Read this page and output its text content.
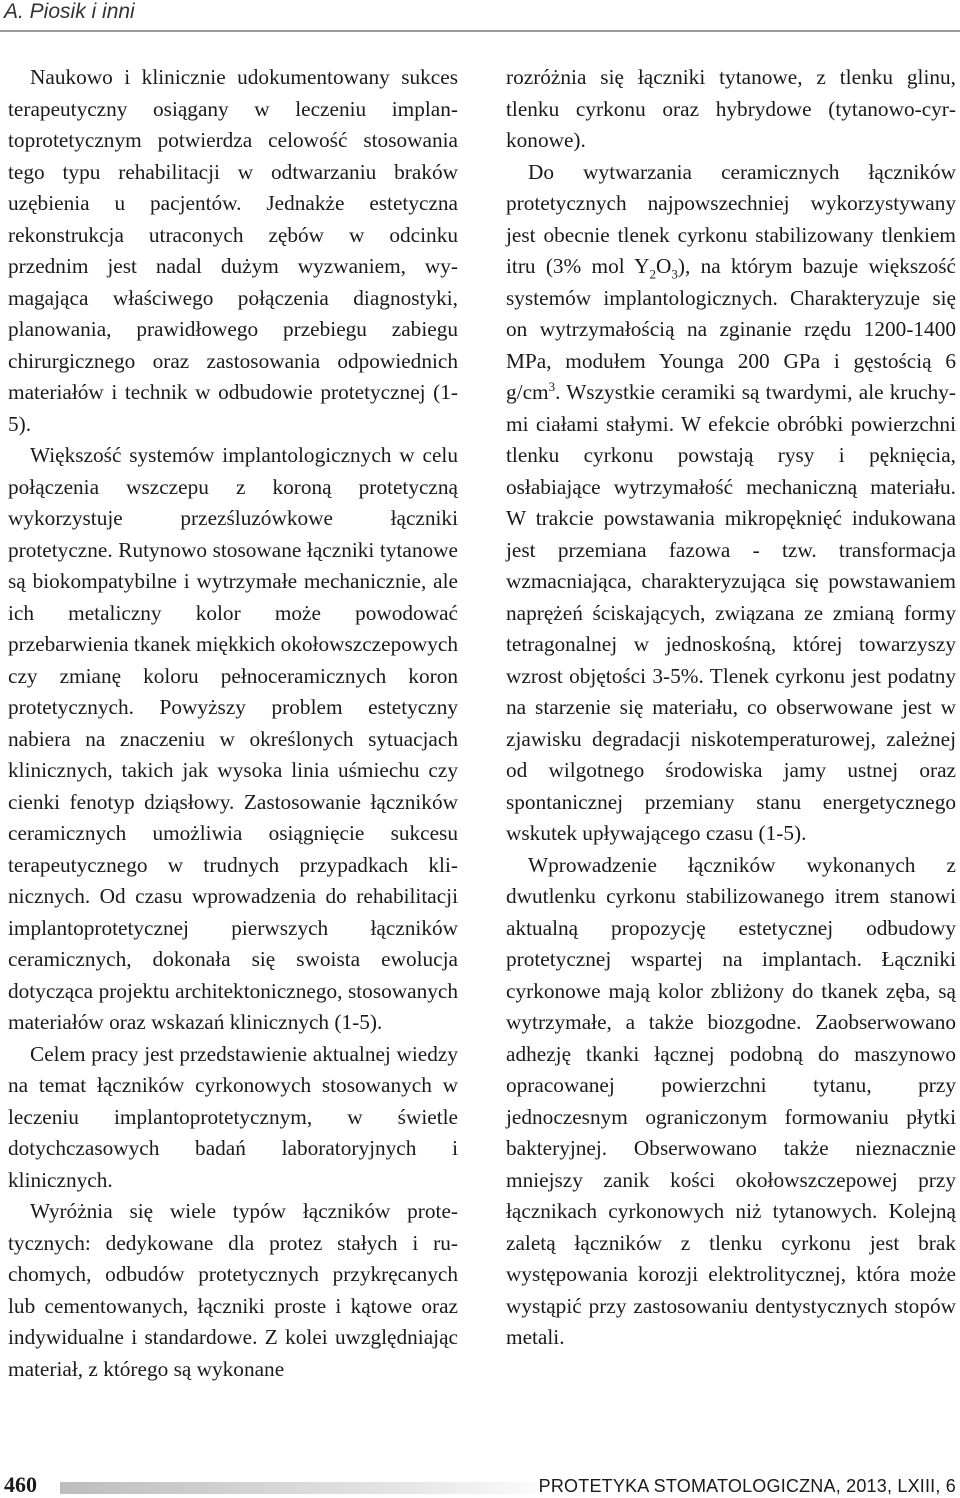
A. Piosik i inni

Naukowo i klinicznie udokumentowany sukces terapeutyczny osiągany w leczeniu implantoprotetycznym potwierdza celowość stosowania tego typu rehabilitacji w odtwarzaniu braków uzębienia u pacjentów. Jednakże estetyczna rekonstrukcja utraconych zębów w odcinku przednim jest nadal dużym wyzwaniem, wymagająca właściwego połączenia diagnostyki, planowania, prawidłowego przebiegu zabiegu chirurgicznego oraz zastosowania odpowiednich materiałów i technik w odbudowie protetycznej (1-5).

Większość systemów implantologicznych w celu połączenia wszczepu z koroną protetyczną wykorzystuje przezśluzówkowe łączniki protetyczne. Rutynowo stosowane łączniki tytanowe są biokompatybilne i wytrzymałe mechanicznie, ale ich metaliczny kolor może powodować przebarwienia tkanek miękkich okołowszczepowych czy zmianę koloru pełnoceramicznych koron protetycznych. Powyższy problem estetyczny nabiera na znaczeniu w określonych sytuacjach klinicznych, takich jak wysoka linia uśmiechu czy cienki fenotyp dziąsłowy. Zastosowanie łączników ceramicznych umożliwia osiągnięcie sukcesu terapeutycznego w trudnych przypadkach klinicznych. Od czasu wprowadzenia do rehabilitacji implantoprotetycznej pierwszych łączników ceramicznych, dokonała się swoista ewolucja dotycząca projektu architektonicznego, stosowanych materiałów oraz wskazań klinicznych (1-5).

Celem pracy jest przedstawienie aktualnej wiedzy na temat łączników cyrkonowych stosowanych w leczeniu implantoprotetycznym, w świetle dotychczasowych badań laboratoryjnych i klinicznych.

Wyróżnia się wiele typów łączników protetycznych: dedykowane dla protez stałych i ruchomych, odbudów protetycznych przykręcanych lub cementowanych, łączniki proste i kątowe oraz indywidualne i standardowe. Z kolei uwzględniając materiał, z którego są wykonane

rozróżnia się łączniki tytanowe, z tlenku glinu, tlenku cyrkonu oraz hybrydowe (tytanowo-cyrkonowe).

Do wytwarzania ceramicznych łączników protetycznych najpowszechniej wykorzystywany jest obecnie tlenek cyrkonu stabilizowany tlenkiem itru (3% mol $Y_2O_3$), na którym bazuje większość systemów implantologicznych. Charakteryzuje się on wytrzymałością na zginanie rzędu 1200-1400 MPa, modułem Younga 200 GPa i gęstością 6 $g/cm^3$. Wszystkie ceramiki są twardymi, ale kruchymi ciałami stałymi. W efekcie obróbki powierzchni tlenku cyrkonu powstają rysy i pęknięcia, osłabiające wytrzymałość mechaniczną materiału. W trakcie powstawania mikropęknięć indukowana jest przemiana fazowa - tzw. transformacja wzmacniająca, charakteryzująca się powstawaniem naprężeń ściskających, związana ze zmianą formy tetragonalnej w jednoskośną, której towarzyszy wzrost objętości 3-5%. Tlenek cyrkonu jest podatny na starzenie się materiału, co obserwowane jest w zjawisku degradacji niskotemperaturowej, zależnej od wilgotnego środowiska jamy ustnej oraz spontanicznej przemiany stanu energetycznego wskutek upływającego czasu (1-5).

Wprowadzenie łączników wykonanych z dwutlenku cyrkonu stabilizowanego itrem stanowi aktualną propozycję estetycznej odbudowy protetycznej wspartej na implantach. Łączniki cyrkonowe mają kolor zbliżony do tkanek zęba, są wytrzymałe, a także biozgodne. Zaobserwowano adhezję tkanki łącznej podobną do maszynowo opracowanej powierzchni tytanu, przy jednoczesnym ograniczonym formowaniu płytki bakteryjnej. Obserwowano także nieznacznie mniejszy zanik kości okołowszczepowej przy łącznikach cyrkonowych niż tytanowych. Kolejną zaletą łączników z tlenku cyrkonu jest brak występowania korozji elektrolitycznej, która może wystąpić przy zastosowaniu dentystycznych stopów metali.

460	PROTETYKA STOMATOLOGICZNA, 2013, LXIII, 6
